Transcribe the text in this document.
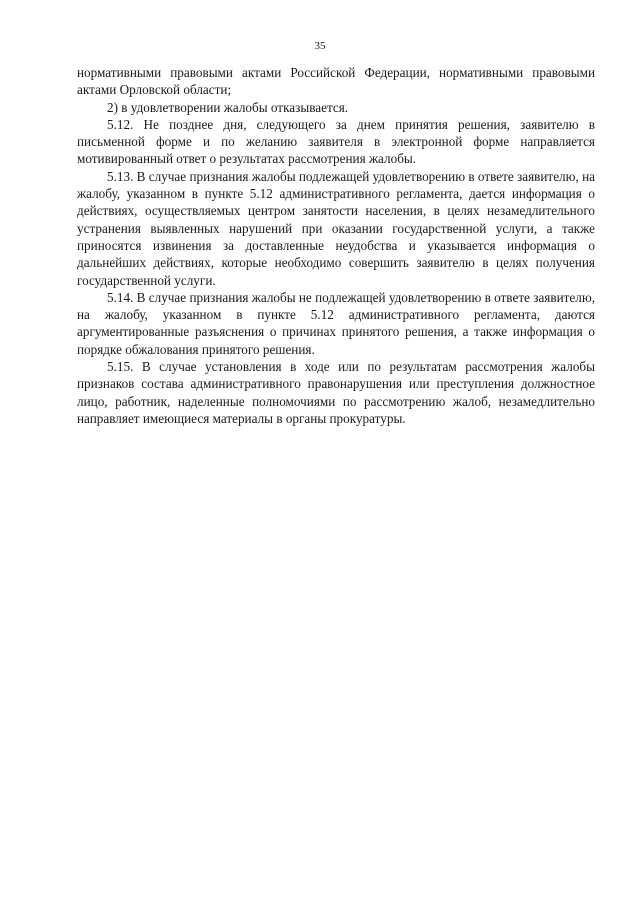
35

нормативными правовыми актами Российской Федерации, нормативными правовыми актами Орловской области;

2) в удовлетворении жалобы отказывается.

5.12. Не позднее дня, следующего за днем принятия решения, заявителю в письменной форме и по желанию заявителя в электронной форме направляется мотивированный ответ о результатах рассмотрения жалобы.

5.13. В случае признания жалобы подлежащей удовлетворению в ответе заявителю, на жалобу, указанном в пункте 5.12 административного регламента, дается информация о действиях, осуществляемых центром занятости населения, в целях незамедлительного устранения выявленных нарушений при оказании государственной услуги, а также приносятся извинения за доставленные неудобства и указывается информация о дальнейших действиях, которые необходимо совершить заявителю в целях получения государственной услуги.

5.14. В случае признания жалобы не подлежащей удовлетворению в ответе заявителю, на жалобу, указанном в пункте 5.12 административного регламента, даются аргументированные разъяснения о причинах принятого решения, а также информация о порядке обжалования принятого решения.

5.15. В случае установления в ходе или по результатам рассмотрения жалобы признаков состава административного правонарушения или преступления должностное лицо, работник, наделенные полномочиями по рассмотрению жалоб, незамедлительно направляет имеющиеся материалы в органы прокуратуры.
